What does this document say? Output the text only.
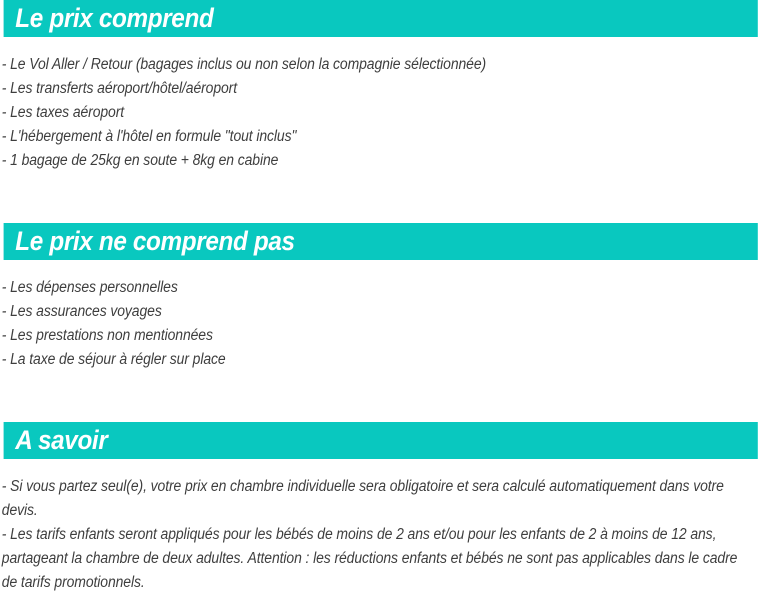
Le prix comprend

- Le Vol Aller / Retour (bagages inclus ou non selon la compagnie sélectionnée)

- Les transferts aéroport/hôtel/aéroport

- Les taxes aéroport

- L'hébergement à l'hôtel en formule "tout inclus"

- 1 bagage de 25kg en soute + 8kg en cabine

Le prix ne comprend pas

- Les dépenses personnelles

- Les assurances voyages

- Les prestations non mentionnées

- La taxe de séjour à régler sur place

A savoir

- Si vous partez seul(e), votre prix en chambre individuelle sera obligatoire et sera calculé automatiquement dans votre devis.

- Les tarifs enfants seront appliqués pour les bébés de moins de 2 ans et/ou pour les enfants de 2 à moins de 12 ans, partageant la chambre de deux adultes. Attention : les réductions enfants et bébés ne sont pas applicables dans le cadre de tarifs promotionnels.
